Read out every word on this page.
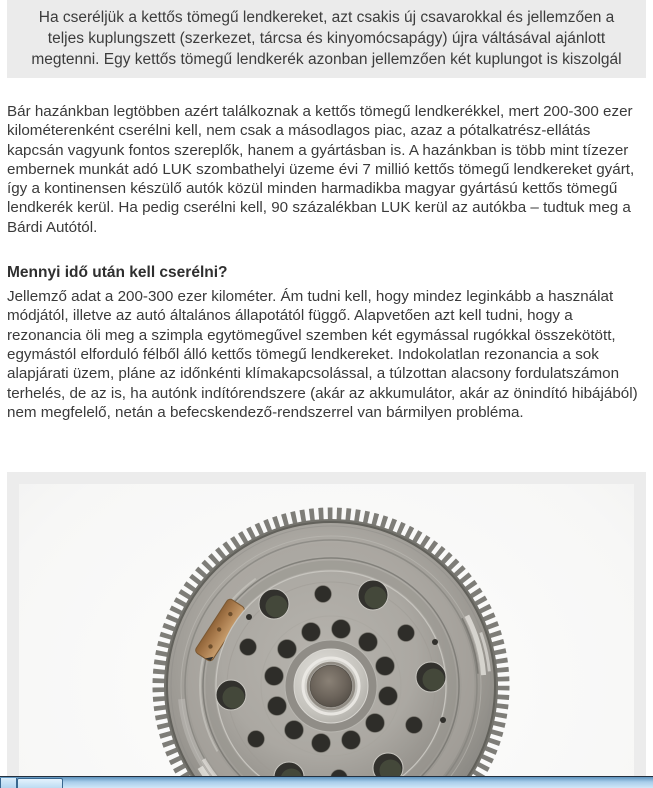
Ha cseréljük a kettős tömegű lendkereket, azt csakis új csavarokkal és jellemzően a teljes kuplungszett (szerkezet, tárcsa és kinyomócsapágy) újra váltásával ajánlott megtenni. Egy kettős tömegű lendkerék azonban jellemzően két kuplungot is kiszolgál

Bár hazánkban legtöbben azért találkoznak a kettős tömegű lendkerékkel, mert 200-300 ezer kilométerenként cserélni kell, nem csak a másodlagos piac, azaz a pótalkatrész-ellátás kapcsán vagyunk fontos szereplők, hanem a gyártásban is. A hazánkban is több mint tízezer embernek munkát adó LUK szombathelyi üzeme évi 7 millió kettős tömegű lendkereket gyárt, így a kontinensen készülő autók közül minden harmadikba magyar gyártású kettős tömegű lendkerék kerül. Ha pedig cserélni kell, 90 százalékban LUK kerül az autókba – tudtuk meg a Bárdi Autótól.

Mennyi idő után kell cserélni?

Jellemző adat a 200-300 ezer kilométer. Ám tudni kell, hogy mindez leginkább a használat módjától, illetve az autó általános állapotától függő. Alapvetően azt kell tudni, hogy a rezonancia öli meg a szimpla egytömegűvel szemben két egymással rugókkal összekötött, egymástól elforduló félből álló kettős tömegű lendkereket. Indokolatlan rezonancia a sok alapjárati üzem, pláne az időnkénti klímakapcsolással, a túlzottan alacsony fordulatszámon terhelés, de az is, ha autónk indítórendszere (akár az akkumulátor, akár az önindító hibájából) nem megfelelő, netán a befecskendező-rendszerrel van bármilyen probléma.
